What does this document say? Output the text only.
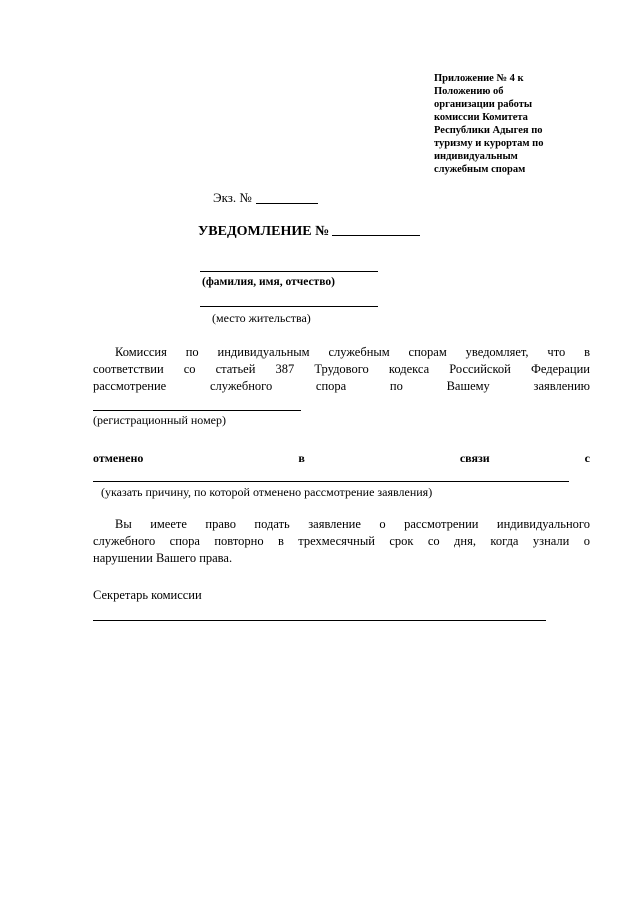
Приложение № 4 к
Положению об
организации работы
комиссии Комитета
Республики Адыгея по
туризму и курортам по
индивидуальным
служебным спорам
Экз. №
УВЕДОМЛЕНИЕ №
(фамилия, имя, отчество)
(место жительства)
Комиссия по индивидуальным служебным спорам уведомляет, что в
соответствии со статьей 387 Трудового кодекса Российской Федерации
рассмотрение служебного спора по Вашему заявлению
(регистрационный номер)
отменено	в	связи	с
(указать причину, по которой отменено рассмотрение заявления)
Вы имеете право подать заявление о рассмотрении индивидуального
служебного спора повторно в трехмесячный срок со дня, когда узнали о
нарушении Вашего права.
Секретарь комиссии
